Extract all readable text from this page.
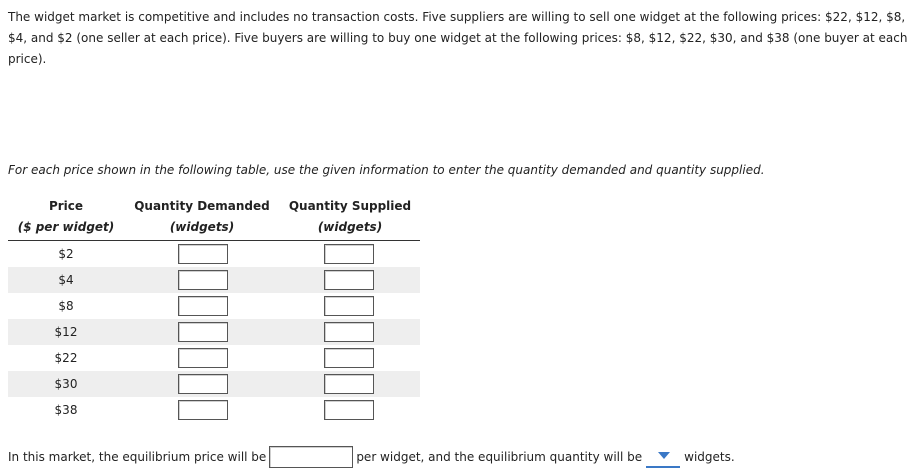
The widget market is competitive and includes no transaction costs. Five suppliers are willing to sell one widget at the following prices: $22, $12, $8,
$4, and $2 (one seller at each price). Five buyers are willing to buy one widget at the following prices: $8, $12, $22, $30, and $38 (one buyer at each
price).
For each price shown in the following table, use the given information to enter the quantity demanded and quantity supplied.
Price	Quantity Demanded	Quantity Supplied
($ per widget)	(widgets)	(widgets)
$2
$4
$8
$12
$22
$30
$38
In this market, the equilibrium price will be	per widget, and the equilibrium quantity will be	widgets.
